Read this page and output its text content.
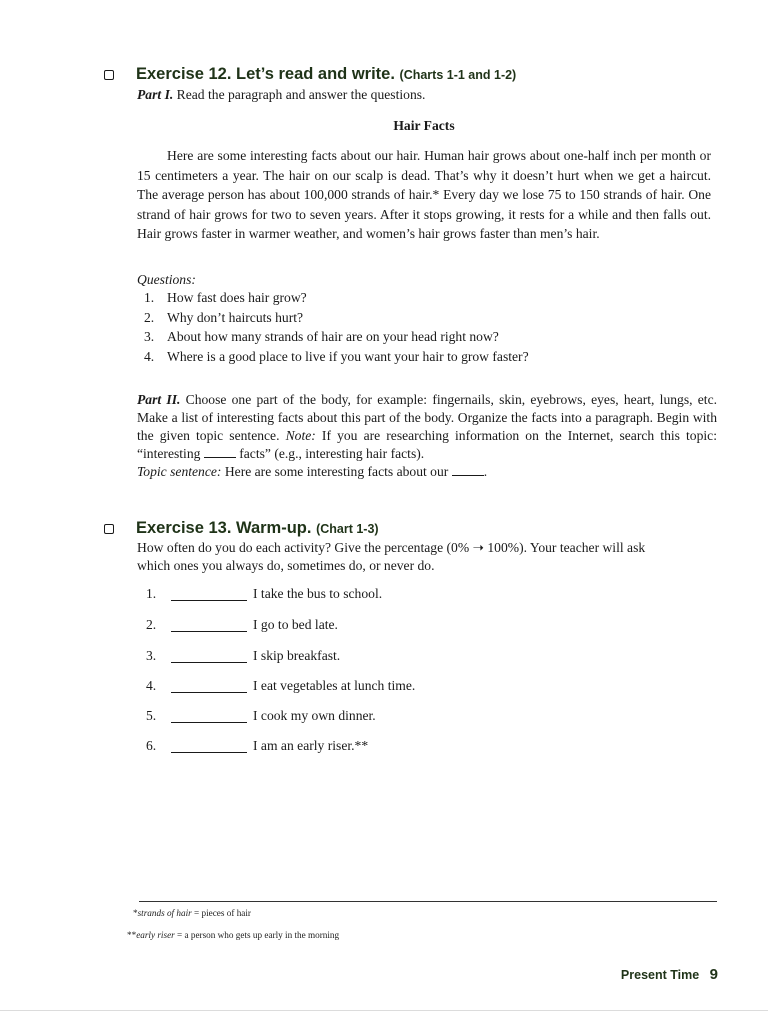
Exercise 12. Let’s read and write. (Charts 1-1 and 1-2)
Part I. Read the paragraph and answer the questions.
Hair Facts
Here are some interesting facts about our hair. Human hair grows about one-half inch per month or 15 centimeters a year. The hair on our scalp is dead. That’s why it doesn’t hurt when we get a haircut. The average person has about 100,000 strands of hair.* Every day we lose 75 to 150 strands of hair. One strand of hair grows for two to seven years. After it stops growing, it rests for a while and then falls out. Hair grows faster in warmer weather, and women’s hair grows faster than men’s hair.
Questions:
1. How fast does hair grow?
2. Why don’t haircuts hurt?
3. About how many strands of hair are on your head right now?
4. Where is a good place to live if you want your hair to grow faster?
Part II. Choose one part of the body, for example: fingernails, skin, eyebrows, eyes, heart, lungs, etc. Make a list of interesting facts about this part of the body. Organize the facts into a paragraph. Begin with the given topic sentence. Note: If you are researching information on the Internet, search this topic: “interesting	facts” (e.g., interesting hair facts).
Topic sentence: Here are some interesting facts about our	.
Exercise 13. Warm-up. (Chart 1-3)
How often do you do each activity? Give the percentage (0% ➝ 100%). Your teacher will ask
which ones you always do, sometimes do, or never do.
1.	I take the bus to school.
2.	I go to bed late.
3.	I skip breakfast.
4.	I eat vegetables at lunch time.
5.	I cook my own dinner.
6.	I am an early riser.**
*strands of hair = pieces of hair
**early riser = a person who gets up early in the morning
Present Time 9
